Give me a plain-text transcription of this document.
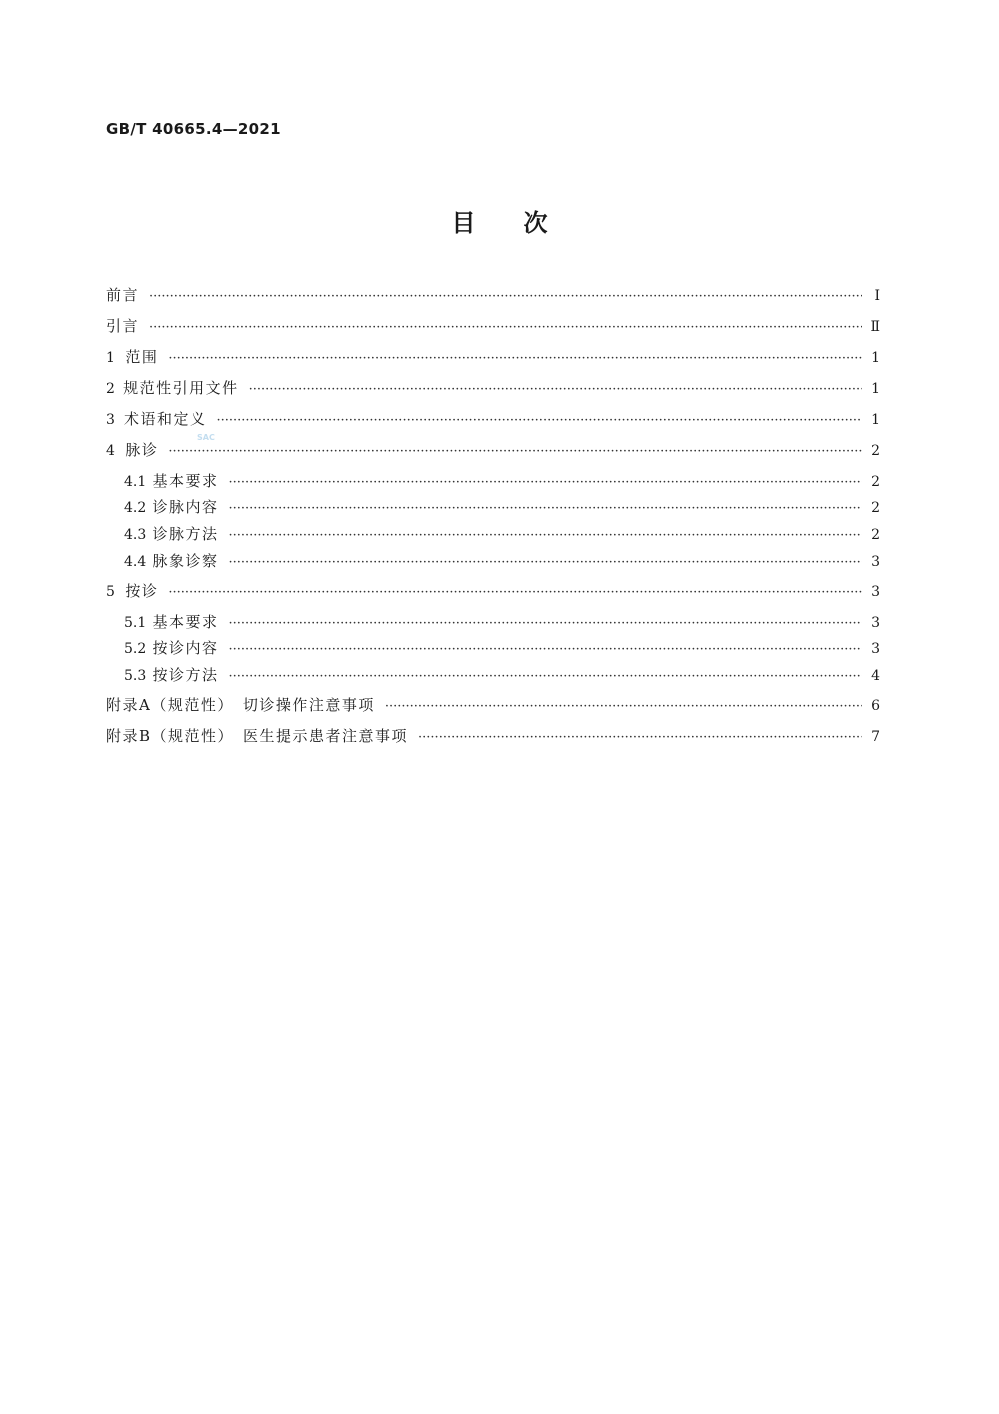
GB/T 40665.4—2021
目次
前言 ·····	Ⅰ
引言 ·····	Ⅱ
1 范围 ·····	1
2 规范性引用文件 ·····	1
3 术语和定义 ·····	1
4 脉诊 ·····	2
4.1 基本要求 ·····	2
4.2 诊脉内容 ·····	2
4.3 诊脉方法 ·····	2
4.4 脉象诊察 ·····	3
5 按诊 ·····	3
5.1 基本要求 ·····	3
5.2 按诊内容 ·····	3
5.3 按诊方法 ·····	4
附录A（规范性）　切诊操作注意事项 ·····	6
附录B（规范性）　医生提示患者注意事项 ·····	7
SAC
